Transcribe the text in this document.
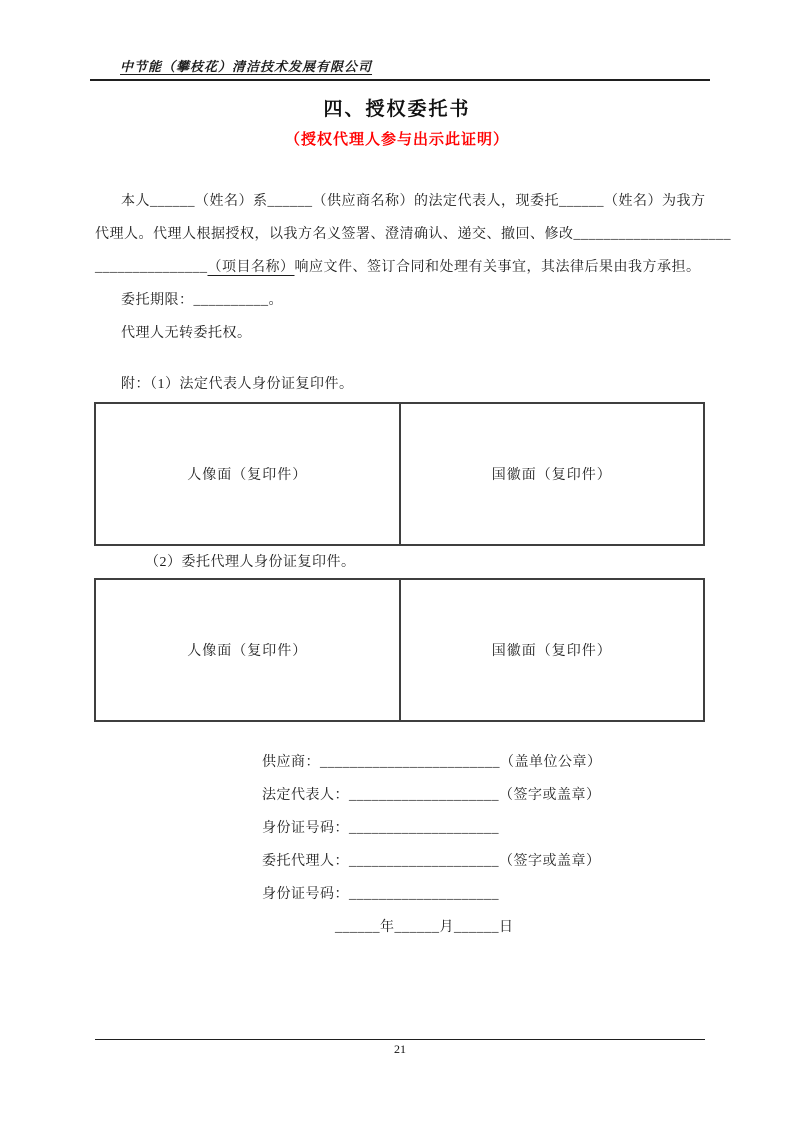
中节能（攀枝花）清洁技术发展有限公司
四、授权委托书
（授权代理人参与出示此证明）
本人______（姓名）系______（供应商名称）的法定代表人，现委托______（姓名）为我方
代理人。代理人根据授权，以我方名义签署、澄清确认、递交、撤回、修改_____________________
_______________（项目名称）响应文件、签订合同和处理有关事宜，其法律后果由我方承担。
委托期限：__________。
代理人无转委托权。
附：（1）法定代表人身份证复印件。
人像面（复印件）	国徽面（复印件）
（2）委托代理人身份证复印件。
人像面（复印件）	国徽面（复印件）
供应商：________________________（盖单位公章）
法定代表人：____________________（签字或盖章）
身份证号码：____________________
委托代理人：____________________（签字或盖章）
身份证号码：____________________
______年______月______日
21
